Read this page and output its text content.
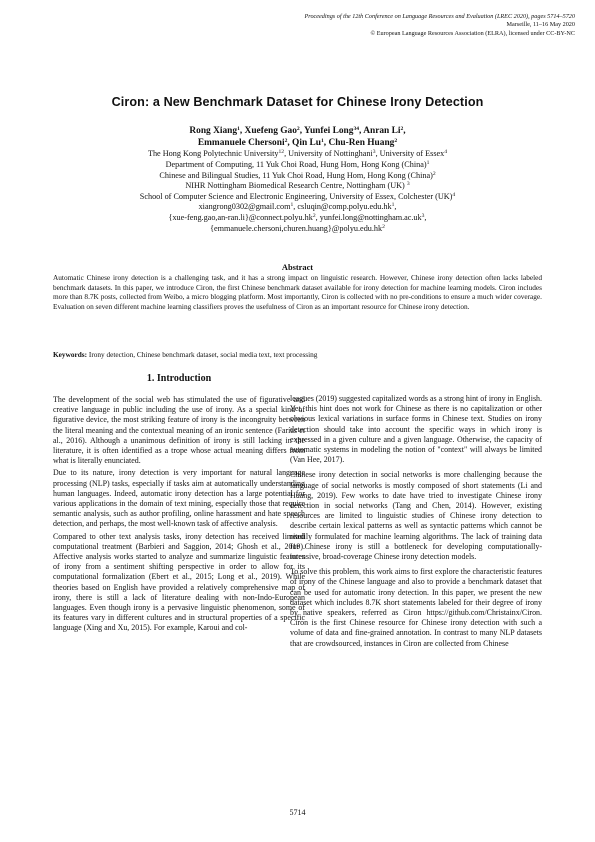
Proceedings of the 12th Conference on Language Resources and Evaluation (LREC 2020), pages 5714–5720
Marseille, 11–16 May 2020
© European Language Resources Association (ELRA), licensed under CC-BY-NC
Ciron: a New Benchmark Dataset for Chinese Irony Detection
Rong Xiang$^1$, Xuefeng Gao$^2$, Yunfei Long$^{34}$, Anran Li$^2$,
Emmanuele Chersoni$^2$, Qin Lu$^1$, Chu-Ren Huang$^2$
The Hong Kong Polytechnic University$^{12}$, University of Nottinghani$^3$, University of Essex$^4$
Department of Computing, 11 Yuk Choi Road, Hung Hom, Hong Kong (China)$^1$
Chinese and Bilingual Studies, 11 Yuk Choi Road, Hung Hom, Hong Kong (China)$^2$
NIHR Nottingham Biomedical Research Centre, Nottingham (UK) $^3$
School of Computer Science and Electronic Engineering, University of Essex, Colchester (UK)$^4$
xiangrong0302@gmail.com$^1$, $csluqin@comp.polyu.edu.hk^1$,
$\{xue-feng.gao,an-ran.li\}@connect.polyu.hk^2$, $yunfei.long@nottingham.ac.uk^3$,
$\{emmanuele.chersoni,churen.huang\}@polyu.edu.hk^2$
Abstract
Automatic Chinese irony detection is a challenging task, and it has a strong impact on linguistic research. However, Chinese irony detection often lacks labeled benchmark datasets. In this paper, we introduce Ciron, the first Chinese benchmark dataset available for irony detection for machine learning models. Ciron includes more than 8.7K posts, collected from Weibo, a micro blogging platform. Most importantly, Ciron is collected with no pre-conditions to ensure a much wider coverage. Evaluation on seven different machine learning classifiers proves the usefulness of Ciron as an important resource for Chinese irony detection.
Keywords: Irony detection, Chinese benchmark dataset, social media text, text processing
1. Introduction

The development of the social web has stimulated the use of figurative and creative language in public including the use of irony. As a special kind of figurative device, the most striking feature of irony is the incongruity between the literal meaning and the contextual meaning of an ironic sentence (Farías et al., 2016). Although a unanimous definition of irony is still lacking in the literature, it is often identified as a trope whose actual meaning differs from what is literally enunciated.

Due to its nature, irony detection is very important for natural language processing (NLP) tasks, especially if tasks aim at automatically understanding human languages. Indeed, automatic irony detection has a large potential for various applications in the domain of text mining, especially those that require semantic analysis, such as author profiling, online harassment and hate speech detection, and perhaps, the most well-known task of affective analysis.

Compared to other text analysis tasks, irony detection has received limited computational treatment (Barbieri and Saggion, 2014; Ghosh et al., 2019). Affective analysis works started to analyze and summarize linguistic features of irony from a sentiment shifting perspective in order to allow for its computational formalization (Ebert et al., 2015; Long et al., 2019). While theories based on English have provided a relatively comprehensive map of irony, there is still a lack of literature dealing with non-Indo-European languages. Even though irony is a pervasive linguistic phenomenon, some of its features vary in different cultures and in structural properties of a specific language (Xing and Xu, 2015). For example, Karoui and col-

leagues (2019) suggested capitalized words as a strong hint of irony in English. Yet, this hint does not work for Chinese as there is no capitalization or other obvious lexical variations in surface forms in Chinese text. Studies on irony detection should take into account the specific ways in which irony is expressed in a given culture and a given language. Otherwise, the capacity of automatic systems in modeling the notion of "context" will always be limited (Van Hee, 2017).

Chinese irony detection in social networks is more challenging because the language of social networks is mostly composed of short statements (Li and Huang, 2019). Few works to date have tried to investigate Chinese irony detection in social networks (Tang and Chen, 2014). However, existing resources are limited to linguistic studies of Chinese irony detection to describe certain lexical patterns as well as syntactic patterns which cannot be readily formulated for machine learning algorithms. The lack of training data for Chinese irony is still a bottleneck for developing computationally-intensive, broad-coverage Chinese irony detection models.

To solve this problem, this work aims to first explore the characteristic features of irony of the Chinese language and also to provide a benchmark dataset that can be used for automatic irony detection. In this paper, we present the new dataset which includes 8.7K short statements labeled for their degree of irony by native speakers, referred as Ciron https://github.com/Christainx/Ciron. Ciron is the first Chinese resource for Chinese irony detection with such a volume of data and fine-grained annotation. In contrast to many NLP datasets that are crowdsourced, instances in Ciron are collected from Chinese

5714
